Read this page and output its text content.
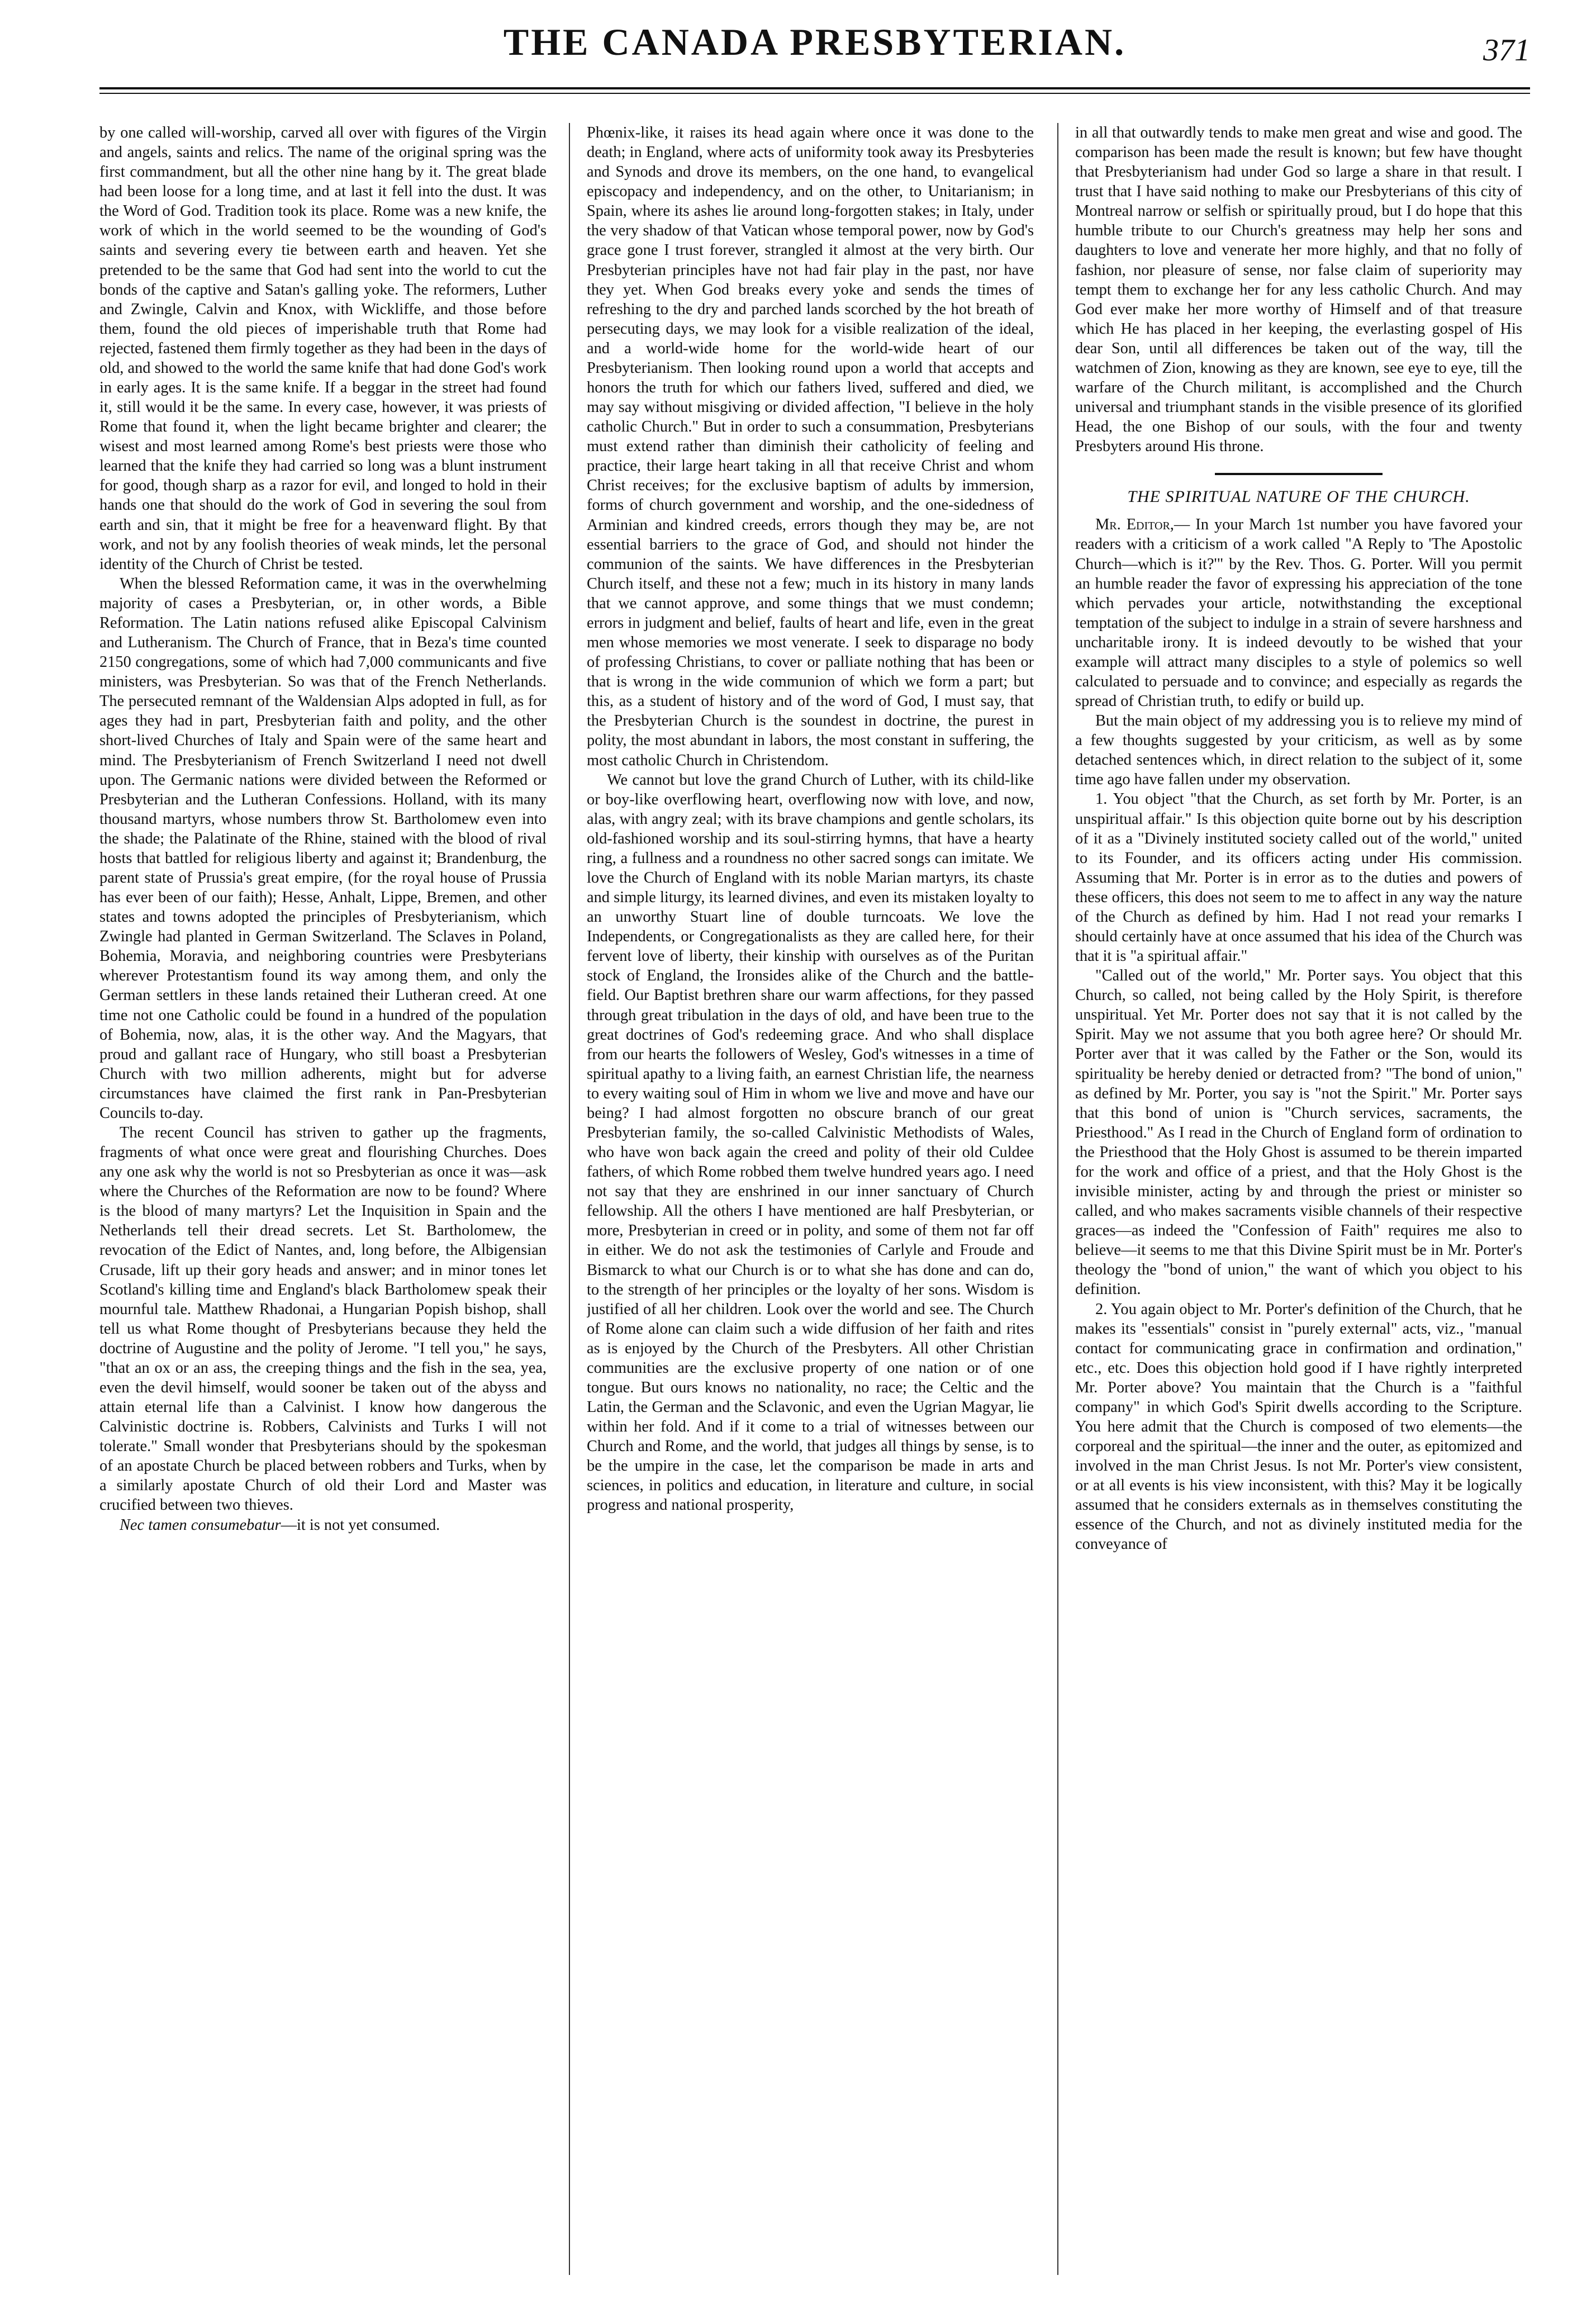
THE CANADA PRESBYTERIAN.	371

by one called will-worship, carved all over with figures of the Virgin and angels, saints and relics. The name of the original spring was the first commandment, but all the other nine hang by it. The great blade had been loose for a long time, and at last it fell into the dust. It was the Word of God. Tradition took its place. Rome was a new knife, the work of which in the world seemed to be the wounding of God's saints and severing every tie between earth and heaven. Yet she pretended to be the same that God had sent into the world to cut the bonds of the captive and Satan's galling yoke. The reformers, Luther and Zwingle, Calvin and Knox, with Wickliffe, and those before them, found the old pieces of imperishable truth that Rome had rejected, fastened them firmly together as they had been in the days of old, and showed to the world the same knife that had done God's work in early ages. It is the same knife. If a beggar in the street had found it, still would it be the same. In every case, however, it was priests of Rome that found it, when the light became brighter and clearer; the wisest and most learned among Rome's best priests were those who learned that the knife they had carried so long was a blunt instrument for good, though sharp as a razor for evil, and longed to hold in their hands one that should do the work of God in severing the soul from earth and sin, that it might be free for a heavenward flight. By that work, and not by any foolish theories of weak minds, let the personal identity of the Church of Christ be tested.

When the blessed Reformation came, it was in the overwhelming majority of cases a Presbyterian, or, in other words, a Bible Reformation. The Latin nations refused alike Episcopal Calvinism and Lutheranism. The Church of France, that in Beza's time counted 2150 congregations, some of which had 7,000 communicants and five ministers, was Presbyterian. So was that of the French Netherlands. The persecuted remnant of the Waldensian Alps adopted in full, as for ages they had in part, Presbyterian faith and polity, and the other short-lived Churches of Italy and Spain were of the same heart and mind. The Presbyterianism of French Switzerland I need not dwell upon. The Germanic nations were divided between the Reformed or Presbyterian and the Lutheran Confessions. Holland, with its many thousand martyrs, whose numbers throw St. Bartholomew even into the shade; the Palatinate of the Rhine, stained with the blood of rival hosts that battled for religious liberty and against it; Brandenburg, the parent state of Prussia's great empire, (for the royal house of Prussia has ever been of our faith); Hesse, Anhalt, Lippe, Bremen, and other states and towns adopted the principles of Presbyterianism, which Zwingle had planted in German Switzerland. The Sclaves in Poland, Bohemia, Moravia, and neighboring countries were Presbyterians wherever Protestantism found its way among them, and only the German settlers in these lands retained their Lutheran creed. At one time not one Catholic could be found in a hundred of the population of Bohemia, now, alas, it is the other way. And the Magyars, that proud and gallant race of Hungary, who still boast a Presbyterian Church with two million adherents, might but for adverse circumstances have claimed the first rank in Pan-Presbyterian Councils to-day.

The recent Council has striven to gather up the fragments, fragments of what once were great and flourishing Churches. Does any one ask why the world is not so Presbyterian as once it was—ask where the Churches of the Reformation are now to be found? Where is the blood of many martyrs? Let the Inquisition in Spain and the Netherlands tell their dread secrets. Let St. Bartholomew, the revocation of the Edict of Nantes, and, long before, the Albigensian Crusade, lift up their gory heads and answer; and in minor tones let Scotland's killing time and England's black Bartholomew speak their mournful tale. Matthew Rhadonai, a Hungarian Popish bishop, shall tell us what Rome thought of Presbyterians because they held the doctrine of Augustine and the polity of Jerome. "I tell you," he says, "that an ox or an ass, the creeping things and the fish in the sea, yea, even the devil himself, would sooner be taken out of the abyss and attain eternal life than a Calvinist. I know how dangerous the Calvinistic doctrine is. Robbers, Calvinists and Turks I will not tolerate." Small wonder that Presbyterians should by the spokesman of an apostate Church be placed between robbers and Turks, when by a similarly apostate Church of old their Lord and Master was crucified between two thieves.

Nec tamen consumebatur—it is not yet consumed.

Phœnix-like, it raises its head again where once it was done to the death; in England, where acts of uniformity took away its Presbyteries and Synods and drove its members, on the one hand, to evangelical episcopacy and independency, and on the other, to Unitarianism; in Spain, where its ashes lie around long-forgotten stakes; in Italy, under the very shadow of that Vatican whose temporal power, now by God's grace gone I trust forever, strangled it almost at the very birth. Our Presbyterian principles have not had fair play in the past, nor have they yet. When God breaks every yoke and sends the times of refreshing to the dry and parched lands scorched by the hot breath of persecuting days, we may look for a visible realization of the ideal, and a world-wide home for the world-wide heart of our Presbyterianism. Then looking round upon a world that accepts and honors the truth for which our fathers lived, suffered and died, we may say without misgiving or divided affection, "I believe in the holy catholic Church." But in order to such a consummation, Presbyterians must extend rather than diminish their catholicity of feeling and practice, their large heart taking in all that receive Christ and whom Christ receives; for the exclusive baptism of adults by immersion, forms of church government and worship, and the one-sidedness of Arminian and kindred creeds, errors though they may be, are not essential barriers to the grace of God, and should not hinder the communion of the saints. We have differences in the Presbyterian Church itself, and these not a few; much in its history in many lands that we cannot approve, and some things that we must condemn; errors in judgment and belief, faults of heart and life, even in the great men whose memories we most venerate. I seek to disparage no body of professing Christians, to cover or palliate nothing that has been or that is wrong in the wide communion of which we form a part; but this, as a student of history and of the word of God, I must say, that the Presbyterian Church is the soundest in doctrine, the purest in polity, the most abundant in labors, the most constant in suffering, the most catholic Church in Christendom.

We cannot but love the grand Church of Luther, with its child-like or boy-like overflowing heart, overflowing now with love, and now, alas, with angry zeal; with its brave champions and gentle scholars, its old-fashioned worship and its soul-stirring hymns, that have a hearty ring, a fullness and a roundness no other sacred songs can imitate. We love the Church of England with its noble Marian martyrs, its chaste and simple liturgy, its learned divines, and even its mistaken loyalty to an unworthy Stuart line of double turncoats. We love the Independents, or Congregationalists as they are called here, for their fervent love of liberty, their kinship with ourselves as of the Puritan stock of England, the Ironsides alike of the Church and the battle-field. Our Baptist brethren share our warm affections, for they passed through great tribulation in the days of old, and have been true to the great doctrines of God's redeeming grace. And who shall displace from our hearts the followers of Wesley, God's witnesses in a time of spiritual apathy to a living faith, an earnest Christian life, the nearness to every waiting soul of Him in whom we live and move and have our being? I had almost forgotten no obscure branch of our great Presbyterian family, the so-called Calvinistic Methodists of Wales, who have won back again the creed and polity of their old Culdee fathers, of which Rome robbed them twelve hundred years ago. I need not say that they are enshrined in our inner sanctuary of Church fellowship. All the others I have mentioned are half Presbyterian, or more, Presbyterian in creed or in polity, and some of them not far off in either. We do not ask the testimonies of Carlyle and Froude and Bismarck to what our Church is or to what she has done and can do, to the strength of her principles or the loyalty of her sons. Wisdom is justified of all her children. Look over the world and see. The Church of Rome alone can claim such a wide diffusion of her faith and rites as is enjoyed by the Church of the Presbyters. All other Christian communities are the exclusive property of one nation or of one tongue. But ours knows no nationality, no race; the Celtic and the Latin, the German and the Sclavonic, and even the Ugrian Magyar, lie within her fold. And if it come to a trial of witnesses between our Church and Rome, and the world, that judges all things by sense, is to be the umpire in the case, let the comparison be made in arts and sciences, in politics and education, in literature and culture, in social progress and national prosperity,

in all that outwardly tends to make men great and wise and good. The comparison has been made the result is known; but few have thought that Presbyterianism had under God so large a share in that result. I trust that I have said nothing to make our Presbyterians of this city of Montreal narrow or selfish or spiritually proud, but I do hope that this humble tribute to our Church's greatness may help her sons and daughters to love and venerate her more highly, and that no folly of fashion, nor pleasure of sense, nor false claim of superiority may tempt them to exchange her for any less catholic Church. And may God ever make her more worthy of Himself and of that treasure which He has placed in her keeping, the everlasting gospel of His dear Son, until all differences be taken out of the way, till the watchmen of Zion, knowing as they are known, see eye to eye, till the warfare of the Church militant, is accomplished and the Church universal and triumphant stands in the visible presence of its glorified Head, the one Bishop of our souls, with the four and twenty Presbyters around His throne.

THE SPIRITUAL NATURE OF THE CHURCH.

Mr. Editor,— In your March 1st number you have favored your readers with a criticism of a work called "A Reply to 'The Apostolic Church—which is it?'" by the Rev. Thos. G. Porter. Will you permit an humble reader the favor of expressing his appreciation of the tone which pervades your article, notwithstanding the exceptional temptation of the subject to indulge in a strain of severe harshness and uncharitable irony. It is indeed devoutly to be wished that your example will attract many disciples to a style of polemics so well calculated to persuade and to convince; and especially as regards the spread of Christian truth, to edify or build up.

But the main object of my addressing you is to relieve my mind of a few thoughts suggested by your criticism, as well as by some detached sentences which, in direct relation to the subject of it, some time ago have fallen under my observation.

1. You object "that the Church, as set forth by Mr. Porter, is an unspiritual affair." Is this objection quite borne out by his description of it as a "Divinely instituted society called out of the world," united to its Founder, and its officers acting under His commission. Assuming that Mr. Porter is in error as to the duties and powers of these officers, this does not seem to me to affect in any way the nature of the Church as defined by him. Had I not read your remarks I should certainly have at once assumed that his idea of the Church was that it is "a spiritual affair."

"Called out of the world," Mr. Porter says. You object that this Church, so called, not being called by the Holy Spirit, is therefore unspiritual. Yet Mr. Porter does not say that it is not called by the Spirit. May we not assume that you both agree here? Or should Mr. Porter aver that it was called by the Father or the Son, would its spirituality be hereby denied or detracted from? "The bond of union," as defined by Mr. Porter, you say is "not the Spirit." Mr. Porter says that this bond of union is "Church services, sacraments, the Priesthood." As I read in the Church of England form of ordination to the Priesthood that the Holy Ghost is assumed to be therein imparted for the work and office of a priest, and that the Holy Ghost is the invisible minister, acting by and through the priest or minister so called, and who makes sacraments visible channels of their respective graces—as indeed the "Confession of Faith" requires me also to believe—it seems to me that this Divine Spirit must be in Mr. Porter's theology the "bond of union," the want of which you object to his definition.

2. You again object to Mr. Porter's definition of the Church, that he makes its "essentials" consist in "purely external" acts, viz., "manual contact for communicating grace in confirmation and ordination," etc., etc. Does this objection hold good if I have rightly interpreted Mr. Porter above? You maintain that the Church is a "faithful company" in which God's Spirit dwells according to the Scripture. You here admit that the Church is composed of two elements—the corporeal and the spiritual—the inner and the outer, as epitomized and involved in the man Christ Jesus. Is not Mr. Porter's view consistent, or at all events is his view inconsistent, with this? May it be logically assumed that he considers externals as in themselves constituting the essence of the Church, and not as divinely instituted media for the conveyance of
